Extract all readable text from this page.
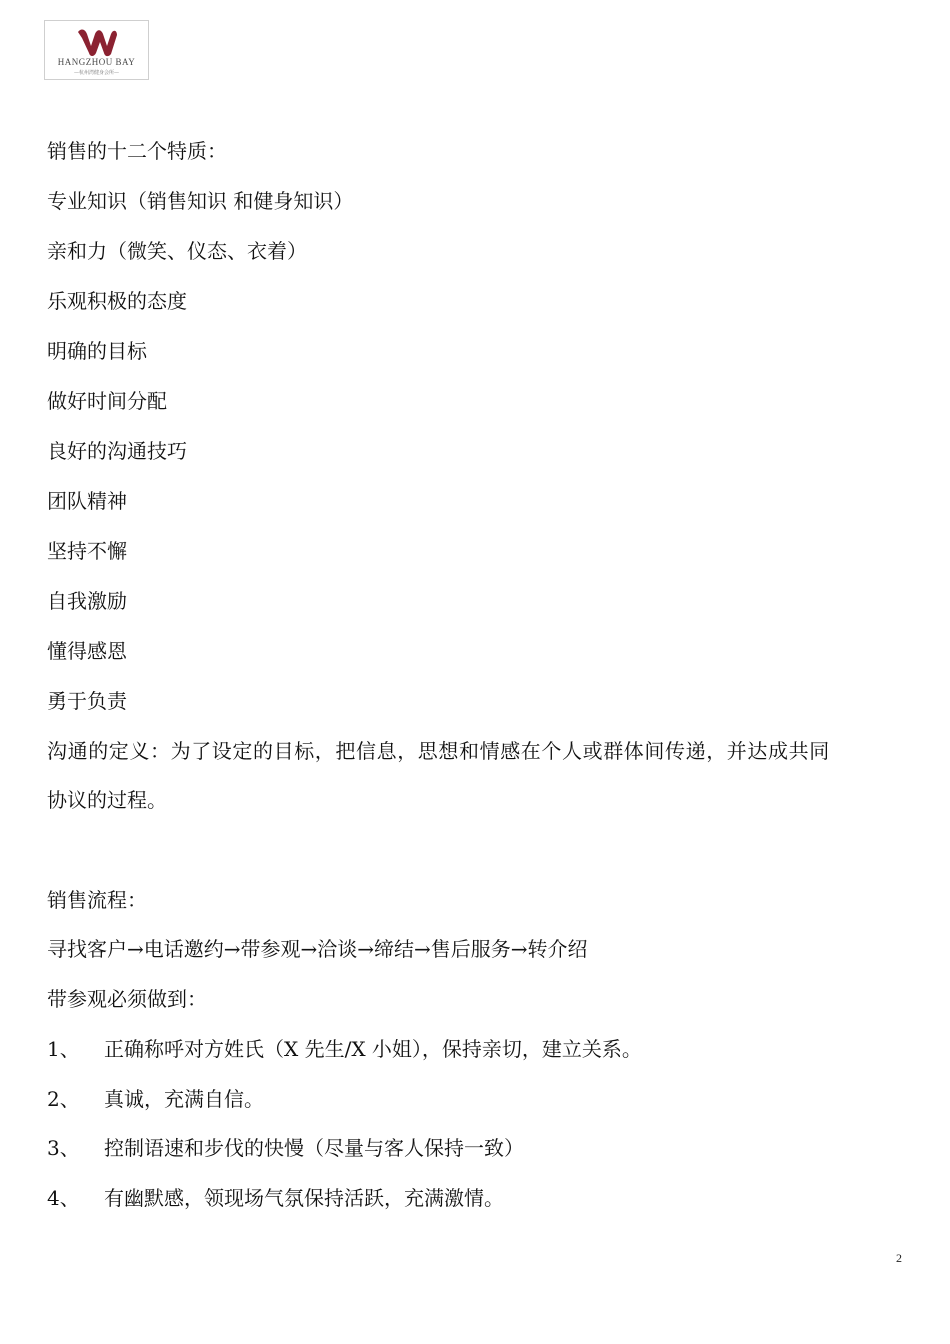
HANGZHOU BAY
—杭州湾健身会所—
销售的十二个特质：
专业知识（销售知识 和健身知识）
亲和力（微笑、仪态、衣着）
乐观积极的态度
明确的目标
做好时间分配
良好的沟通技巧
团队精神
坚持不懈
自我激励
懂得感恩
勇于负责
沟通的定义：为了设定的目标，把信息，思想和情感在个人或群体间传递，并达成共同
协议的过程。
销售流程：
寻找客户→电话邀约→带参观→洽谈→缔结→售后服务→转介绍
带参观必须做到：
1、 正确称呼对方姓氏（X 先生/X 小姐），保持亲切，建立关系。
2、 真诚，充满自信。
3、 控制语速和步伐的快慢（尽量与客人保持一致）
4、 有幽默感，领现场气氛保持活跃，充满激情。
2
